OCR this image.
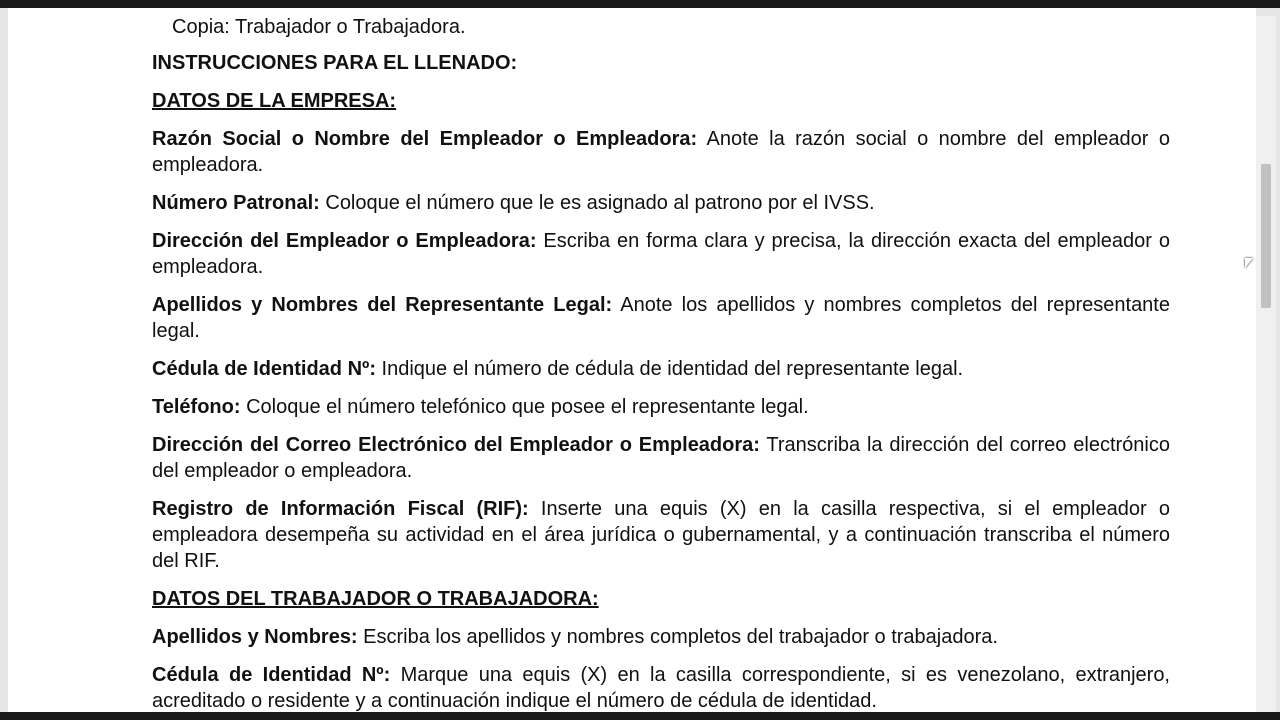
Copia: Trabajador o Trabajadora.
INSTRUCCIONES PARA EL LLENADO:
DATOS DE LA EMPRESA:

Razón Social o Nombre del Empleador o Empleadora: Anote la razón social o nombre del empleador o empleadora.

Número Patronal: Coloque el número que le es asignado al patrono por el IVSS.

Dirección del Empleador o Empleadora: Escriba en forma clara y precisa, la dirección exacta del empleador o empleadora.

Apellidos y Nombres del Representante Legal: Anote los apellidos y nombres completos del representante legal.

Cédula de Identidad Nº: Indique el número de cédula de identidad del representante legal.

Teléfono: Coloque el número telefónico que posee el representante legal.

Dirección del Correo Electrónico del Empleador o Empleadora: Transcriba la dirección del correo electrónico del empleador o empleadora.

Registro de Información Fiscal (RIF): Inserte una equis (X) en la casilla respectiva, si el empleador o empleadora desempeña su actividad en el área jurídica o gubernamental, y a continuación transcriba el número del RIF.

DATOS DEL TRABAJADOR O TRABAJADORA:

Apellidos y Nombres: Escriba los apellidos y nombres completos del trabajador o trabajadora.

Cédula de Identidad Nº: Marque una equis (X) en la casilla correspondiente, si es venezolano, extranjero, acreditado o residente y a continuación indique el número de cédula de identidad.
